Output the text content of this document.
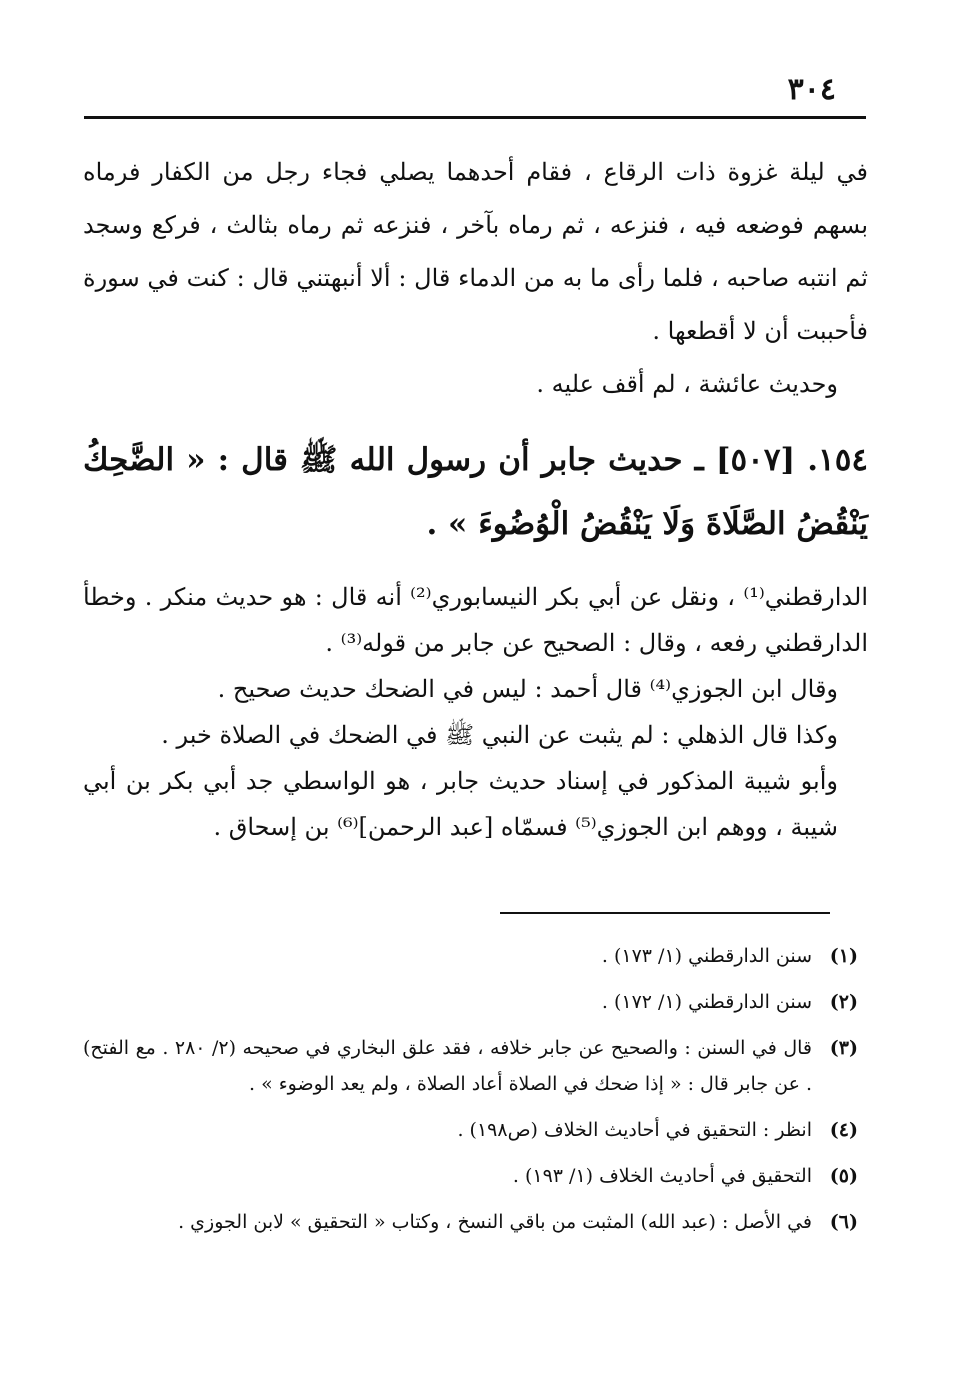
٣٠٤

في ليلة غزوة ذات الرقاع ، فقام أحدهما يصلي فجاء رجل من الكفار فرماه بسهم فوضعه فيه ، فنزعه ، ثم رماه بآخر ، فنزعه ثم رماه بثالث ، فركع وسجد ثم انتبه صاحبه ، فلما رأى ما به من الدماء قال : ألا أنبهتني قال : كنت في سورة فأحببت أن لا أقطعها .

وحديث عائشة ، لم أقف عليه .

١٥٤. [٥٠٧] ـ حديث جابر أن رسول الله ﷺ قال : « الضَّحِكُ يَنْقُضُ الصَّلَاةَ وَلَا يَنْقُضُ الْوُضُوءَ » .

الدارقطني⁽¹⁾ ، ونقل عن أبي بكر النيسابوري⁽²⁾ أنه قال : هو حديث منكر . وخطأ الدارقطني رفعه ، وقال : الصحيح عن جابر من قوله⁽³⁾ .

وقال ابن الجوزي⁽⁴⁾ قال أحمد : ليس في الضحك حديث صحيح .

وكذا قال الذهلي : لم يثبت عن النبي ﷺ في الضحك في الصلاة خبر .

وأبو شيبة المذكور في إسناد حديث جابر ، هو الواسطي جد أبي بكر بن أبي شيبة ، ووهم ابن الجوزي⁽⁵⁾ فسمّاه [عبد الرحمن]⁽⁶⁾ بن إسحاق .

(١)
سنن الدارقطني (١/ ١٧٣) .
(٢)
سنن الدارقطني (١/ ١٧٢) .
(٣)
قال في السنن : والصحيح عن جابر خلافه ، فقد علق البخاري في صحيحه (٢/ ٢٨٠ . مع الفتح) . عن جابر قال : « إذا ضحك في الصلاة أعاد الصلاة ، ولم يعد الوضوء » .
(٤)
انظر : التحقيق في أحاديث الخلاف (ص١٩٨) .
(٥)
التحقيق في أحاديث الخلاف (١/ ١٩٣) .
(٦)
في الأصل : (عبد الله) المثبت من باقي النسخ ، وكتاب « التحقيق » لابن الجوزي .
